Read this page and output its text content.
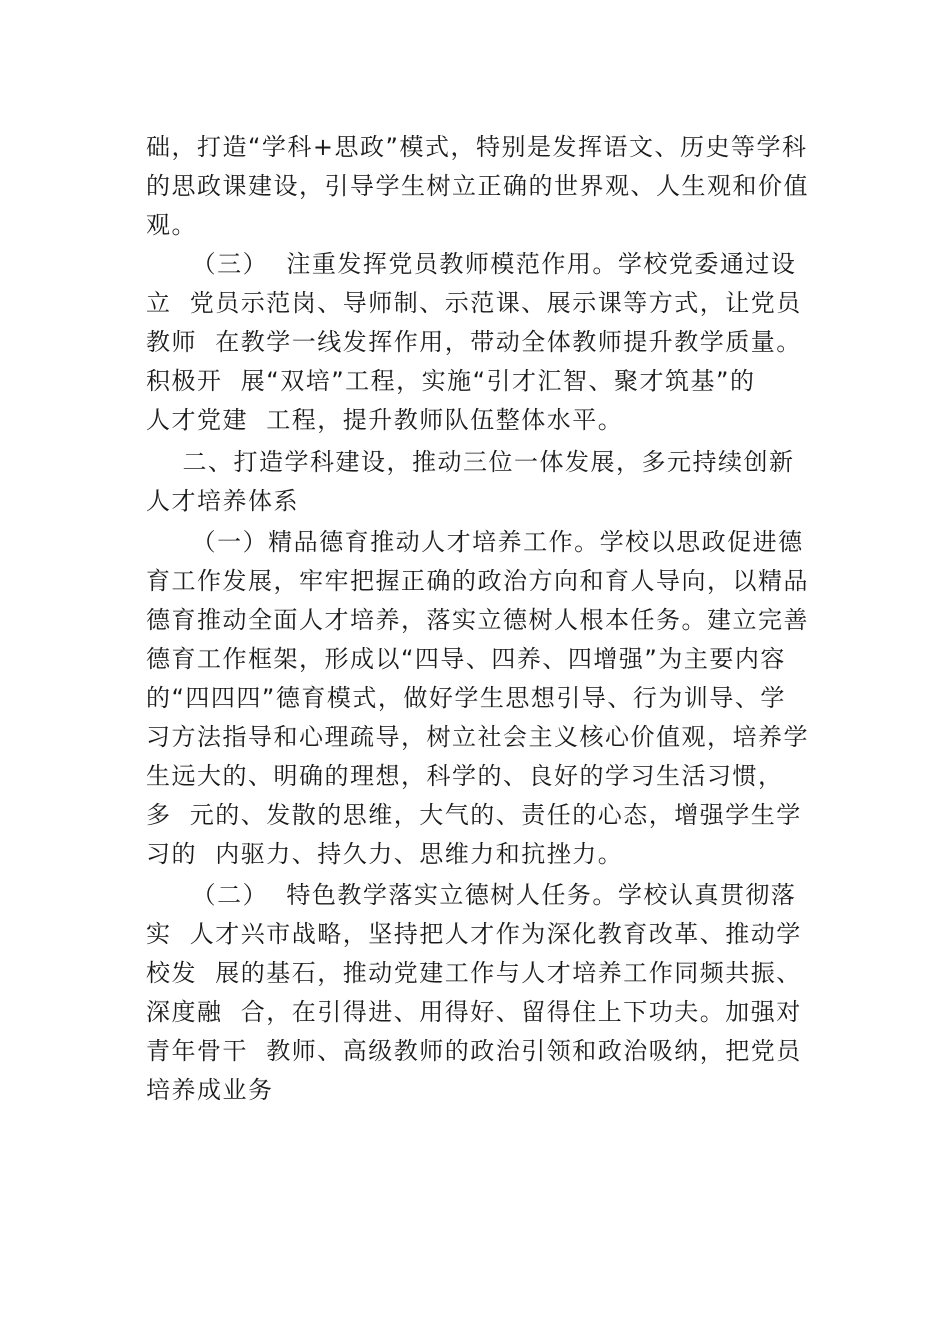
础，打造“学科+思政”模式，特别是发挥语文、历史等学科
的思政课建设，引导学生树立正确的世界观、人生观和价值
观。
（三）  注重发挥党员教师模范作用。学校党委通过设
立  党员示范岗、导师制、示范课、展示课等方式，让党员
教师  在教学一线发挥作用，带动全体教师提升教学质量。
积极开  展“双培”工程，实施“引才汇智、聚才筑基”的
人才党建  工程，提升教师队伍整体水平。
二、打造学科建设，推动三位一体发展，多元持续创新
人才培养体系
（一）精品德育推动人才培养工作。学校以思政促进德
育工作发展，牢牢把握正确的政治方向和育人导向，以精品
德育推动全面人才培养，落实立德树人根本任务。建立完善
德育工作框架，形成以“四导、四养、四增强”为主要内容
的“四四四”德育模式，做好学生思想引导、行为训导、学
习方法指导和心理疏导，树立社会主义核心价值观，培养学
生远大的、明确的理想，科学的、良好的学习生活习惯，
多  元的、发散的思维，大气的、责任的心态，增强学生学
习的  内驱力、持久力、思维力和抗挫力。
（二）  特色教学落实立德树人任务。学校认真贯彻落
实  人才兴市战略，坚持把人才作为深化教育改革、推动学
校发  展的基石，推动党建工作与人才培养工作同频共振、
深度融  合，在引得进、用得好、留得住上下功夫。加强对
青年骨干  教师、高级教师的政治引领和政治吸纳，把党员
培养成业务
